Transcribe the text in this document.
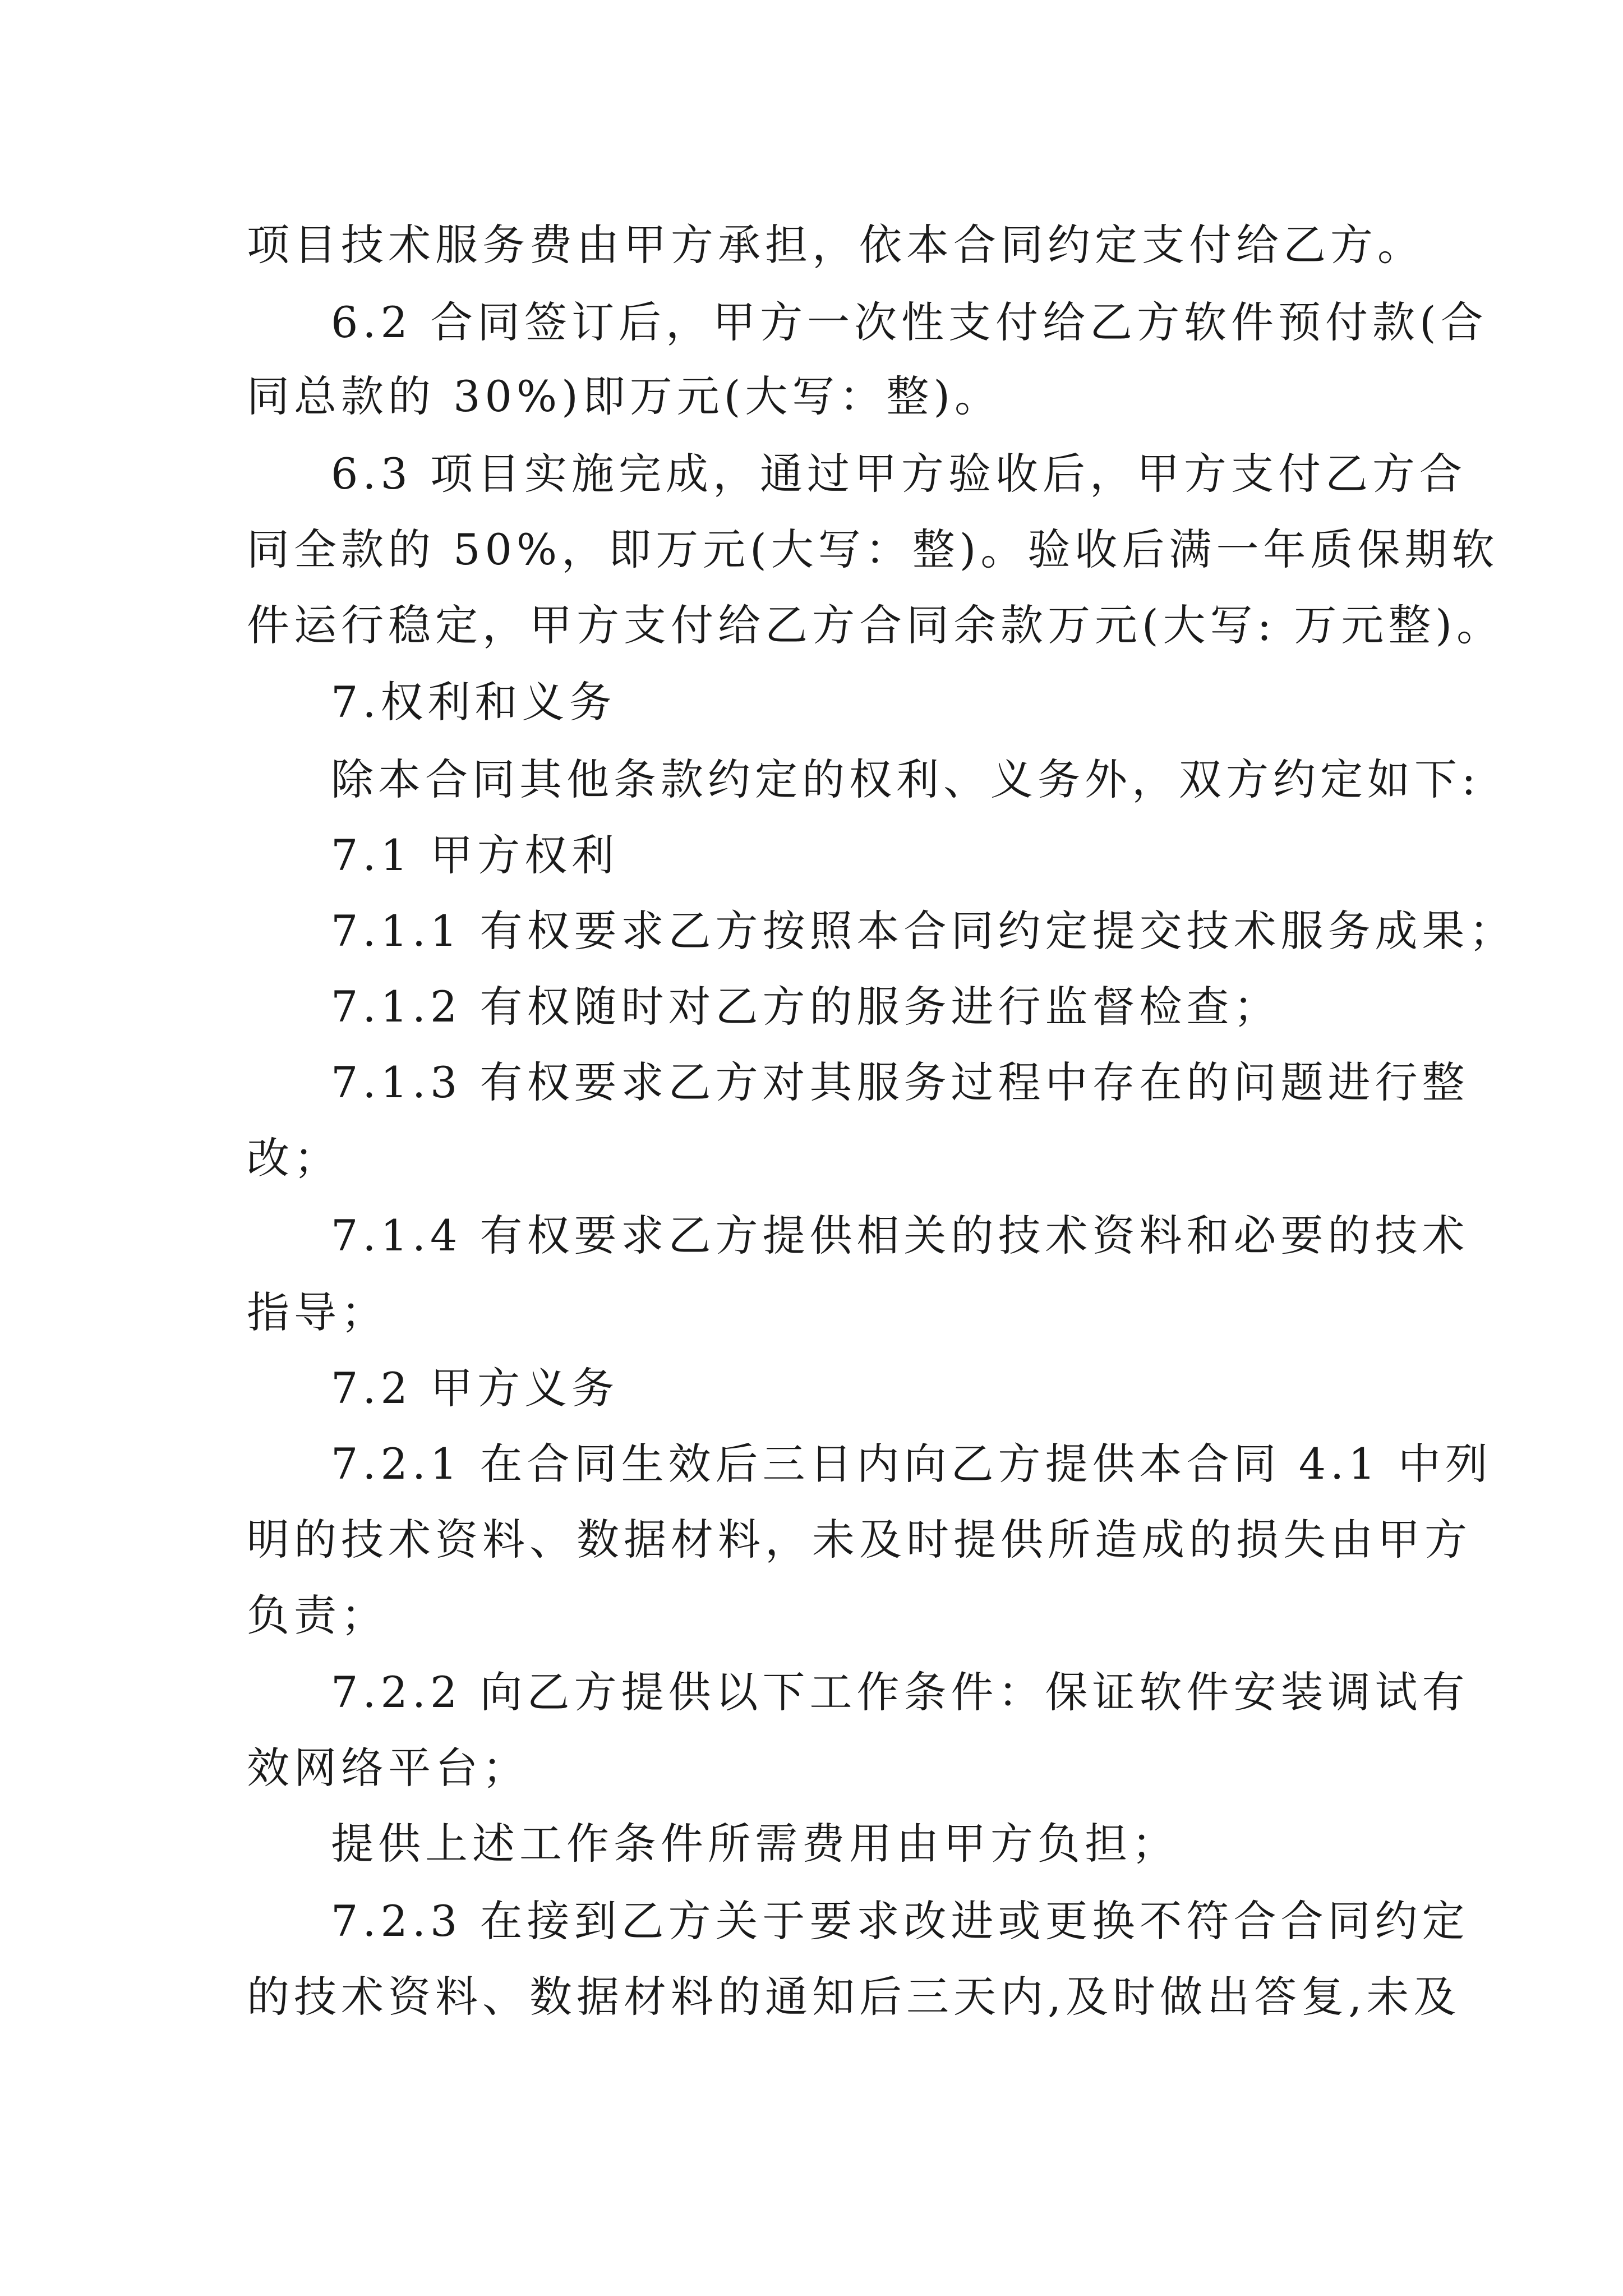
项目技术服务费由甲方承担，依本合同约定支付给乙方。

6.2 合同签订后，甲方一次性支付给乙方软件预付款(合

同总款的 30%)即万元(大写：整)。

6.3 项目实施完成，通过甲方验收后，甲方支付乙方合

同全款的 50%，即万元(大写：整)。验收后满一年质保期软

件运行稳定，甲方支付给乙方合同余款万元(大写: 万元整)。

7.权利和义务

除本合同其他条款约定的权利、义务外，双方约定如下:

7.1 甲方权利

7.1.1 有权要求乙方按照本合同约定提交技术服务成果；

7.1.2 有权随时对乙方的服务进行监督检查；

7.1.3 有权要求乙方对其服务过程中存在的问题进行整

改；

7.1.4 有权要求乙方提供相关的技术资料和必要的技术

指导；

7.2 甲方义务

7.2.1 在合同生效后三日内向乙方提供本合同 4.1 中列

明的技术资料、数据材料，未及时提供所造成的损失由甲方

负责；

7.2.2 向乙方提供以下工作条件：保证软件安装调试有

效网络平台；

提供上述工作条件所需费用由甲方负担；

7.2.3 在接到乙方关于要求改进或更换不符合合同约定

的技术资料、数据材料的通知后三天内,及时做出答复,未及
